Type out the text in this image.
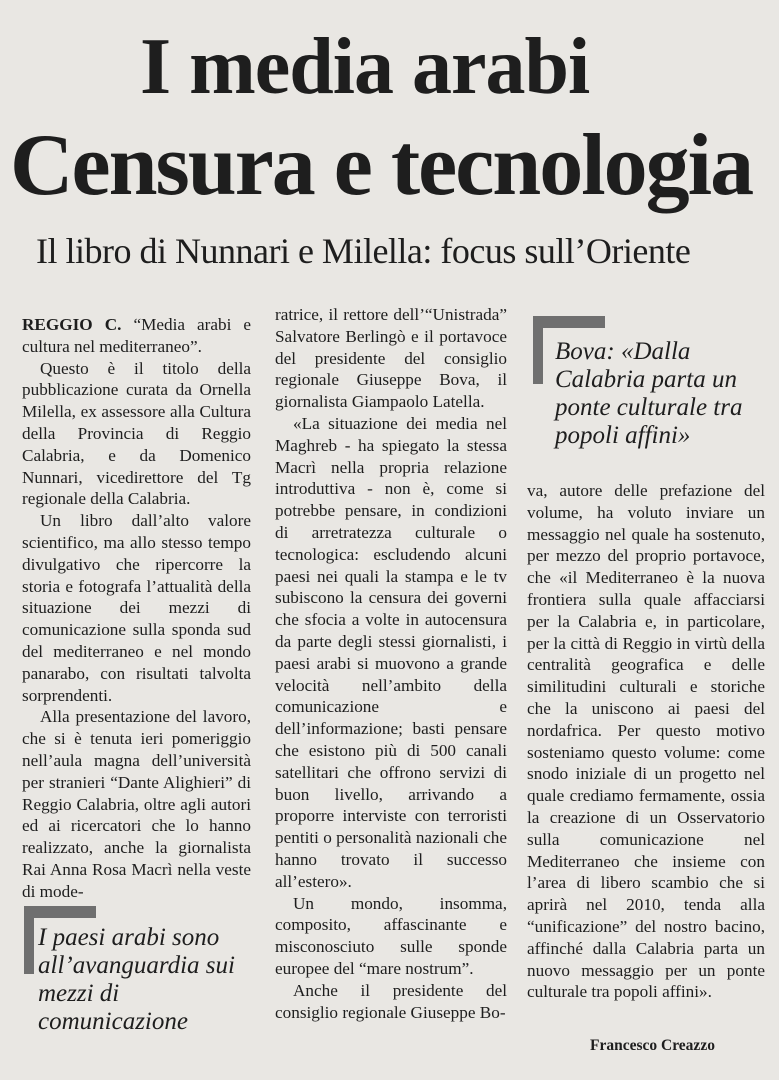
I media arabi
Censura e tecnologia
Il libro di Nunnari e Milella: focus sull’Oriente

REGGIO C. “Media arabi e cultura nel mediterraneo”.

Questo è il titolo della pubblicazione curata da Ornella Milella, ex assessore alla Cultura della Provincia di Reggio Calabria, e da Domenico Nunnari, vicedirettore del Tg regionale della Calabria.

Un libro dall’alto valore scientifico, ma allo stesso tempo divulgativo che ripercorre la storia e fotografa l’attualità della situazione dei mezzi di comunicazione sulla sponda sud del mediterraneo e nel mondo panarabo, con risultati talvolta sorprendenti.

Alla presentazione del lavoro, che si è tenuta ieri pomeriggio nell’aula magna dell’università per stranieri “Dante Alighieri” di Reggio Calabria, oltre agli autori ed ai ricercatori che lo hanno realizzato, anche la giornalista Rai Anna Rosa Macrì nella veste di mode-

ratrice, il rettore dell’“Unistrada” Salvatore Berlingò e il portavoce del presidente del consiglio regionale Giuseppe Bova, il giornalista Giampaolo Latella.

«La situazione dei media nel Maghreb - ha spiegato la stessa Macrì nella propria relazione introduttiva - non è, come si potrebbe pensare, in condizioni di arretratezza culturale o tecnologica: escludendo alcuni paesi nei quali la stampa e le tv subiscono la censura dei governi che sfocia a volte in autocensura da parte degli stessi giornalisti, i paesi arabi si muovono a grande velocità nell’ambito della comunicazione e dell’informazione; basti pensare che esistono più di 500 canali satellitari che offrono servizi di buon livello, arrivando a proporre interviste con terroristi pentiti o personalità nazionali che hanno trovato il successo all’estero».

Un mondo, insomma, composito, affascinante e misconosciuto sulle sponde europee del “mare nostrum”.

Anche il presidente del consiglio regionale Giuseppe Bo-

va, autore delle prefazione del volume, ha voluto inviare un messaggio nel quale ha sostenuto, per mezzo del proprio portavoce, che «il Mediterraneo è la nuova frontiera sulla quale affacciarsi per la Calabria e, in particolare, per la città di Reggio in virtù della centralità geografica e delle similitudini culturali e storiche che la uniscono ai paesi del nordafrica. Per questo motivo sosteniamo questo volume: come snodo iniziale di un progetto nel quale crediamo fermamente, ossia la creazione di un Osservatorio sulla comunicazione nel Mediterraneo che insieme con l’area di libero scambio che si aprirà nel 2010, tenda alla “unificazione” del nostro bacino, affinché dalla Calabria parta un nuovo messaggio per un ponte culturale tra popoli affini».

I paesi arabi sono all’avanguardia sui mezzi di comunicazione
Bova: «Dalla Calabria parta un ponte culturale tra popoli affini»
Francesco Creazzo
